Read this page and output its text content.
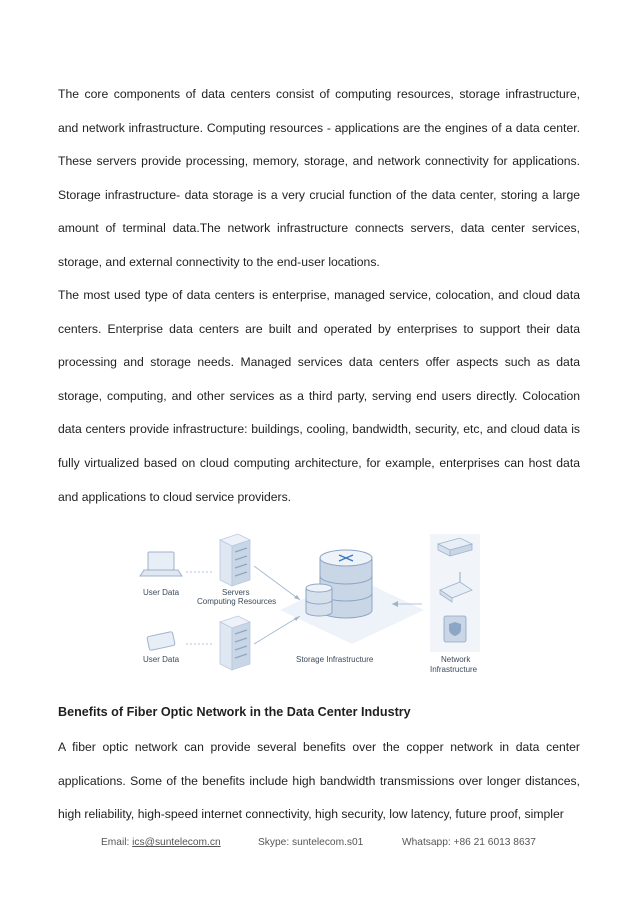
The core components of data centers consist of computing resources, storage infrastructure, and network infrastructure. Computing resources - applications are the engines of a data center. These servers provide processing, memory, storage, and network connectivity for applications. Storage infrastructure- data storage is a very crucial function of the data center, storing a large amount of terminal data.The network infrastructure connects servers, data center services, storage, and external connectivity to the end-user locations.

The most used type of data centers is enterprise, managed service, colocation, and cloud data centers. Enterprise data centers are built and operated by enterprises to support their data processing and storage needs. Managed services data centers offer aspects such as data storage, computing, and other services as a third party, serving end users directly. Colocation data centers provide infrastructure: buildings, cooling, bandwidth, security, etc, and cloud data is fully virtualized based on cloud computing architecture, for example, enterprises can host data and applications to cloud service providers.

User Data
User Data
Servers
Computing Resources
Storage Infrastructure	Network
Infrastructure
Benefits of Fiber Optic Network in the Data Center Industry

A fiber optic network can provide several benefits over the copper network in data center applications. Some of the benefits include high bandwidth transmissions over longer distances, high reliability, high-speed internet connectivity, high security, low latency, future proof, simpler

Email: ics@suntelecom.cn	Skype: suntelecom.s01	Whatsapp: +86 21 6013 8637
